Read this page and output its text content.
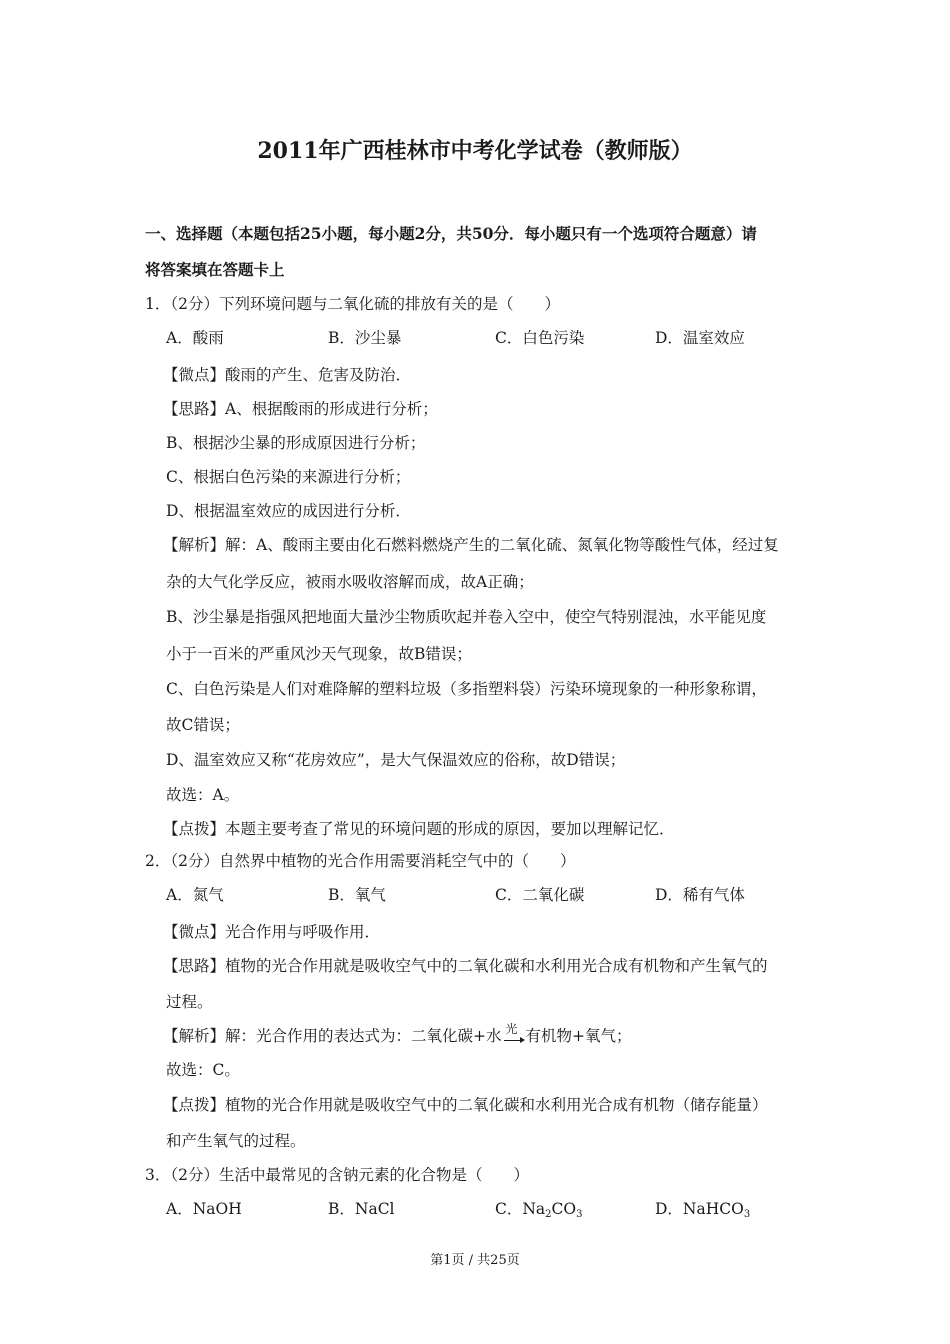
2011年广西桂林市中考化学试卷（教师版）
一、选择题（本题包括25小题，每小题2分，共50分．每小题只有一个选项符合题意）请
将答案填在答题卡上
1．（2分）下列环境问题与二氧化硫的排放有关的是（　　）
A．酸雨	B．沙尘暴	C．白色污染	D．温室效应
【微点】酸雨的产生、危害及防治．
【思路】A、根据酸雨的形成进行分析；
B、根据沙尘暴的形成原因进行分析；
C、根据白色污染的来源进行分析；
D、根据温室效应的成因进行分析．
【解析】解：A、酸雨主要由化石燃料燃烧产生的二氧化硫、氮氧化物等酸性气体，经过复
杂的大气化学反应，被雨水吸收溶解而成，故A正确；
B、沙尘暴是指强风把地面大量沙尘物质吹起并卷入空中，使空气特别混浊，水平能见度
小于一百米的严重风沙天气现象，故B错误；
C、白色污染是人们对难降解的塑料垃圾（多指塑料袋）污染环境现象的一种形象称谓，
故C错误；
D、温室效应又称“花房效应”，是大气保温效应的俗称，故D错误；
故选：A。
【点拨】本题主要考查了常见的环境问题的形成的原因，要加以理解记忆．
2．（2分）自然界中植物的光合作用需要消耗空气中的（　　）
A．氮气	B．氧气	C．二氧化碳	D．稀有气体
【微点】光合作用与呼吸作用．
【思路】植物的光合作用就是吸收空气中的二氧化碳和水利用光合成有机物和产生氧气的
过程。
【解析】解：光合作用的表达式为：二氧化碳+水 光 有机物+氧气；
故选：C。
【点拨】植物的光合作用就是吸收空气中的二氧化碳和水利用光合成有机物（储存能量）
和产生氧气的过程。
3．（2分）生活中最常见的含钠元素的化合物是（　　）
A．NaOH	B．NaCl	C．$Na_2CO_3$	D．NaHCO$_3$
第1页 / 共25页
